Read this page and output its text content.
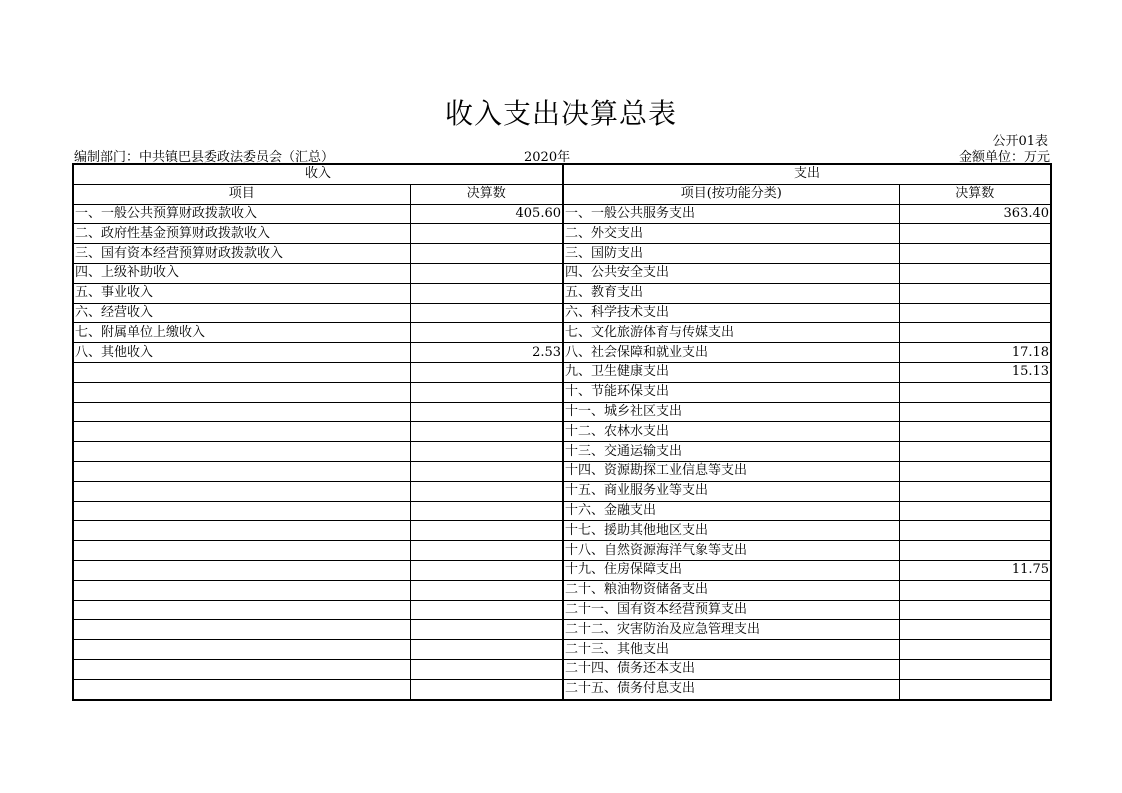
收入支出决算总表
公开01表
编制部门：中共镇巴县委政法委员会（汇总）	2020年	金额单位：万元
收入		支出	
项目	决算数	项目(按功能分类)	决算数
一、一般公共预算财政拨款收入	405.60	一、一般公共服务支出	363.40
二、政府性基金预算财政拨款收入		二、外交支出	
三、国有资本经营预算财政拨款收入		三、国防支出	
四、上级补助收入		四、公共安全支出	
五、事业收入		五、教育支出	
六、经营收入		六、科学技术支出	
七、附属单位上缴收入		七、文化旅游体育与传媒支出	
八、其他收入	2.53	八、社会保障和就业支出	17.18
		九、卫生健康支出	15.13
		十、节能环保支出	
		十一、城乡社区支出	
		十二、农林水支出	
		十三、交通运输支出	
		十四、资源勘探工业信息等支出	
		十五、商业服务业等支出	
		十六、金融支出	
		十七、援助其他地区支出	
		十八、自然资源海洋气象等支出	
		十九、住房保障支出	11.75
		二十、粮油物资储备支出	
		二十一、国有资本经营预算支出	
		二十二、灾害防治及应急管理支出	
		二十三、其他支出	
		二十四、债务还本支出	
		二十五、债务付息支出	
